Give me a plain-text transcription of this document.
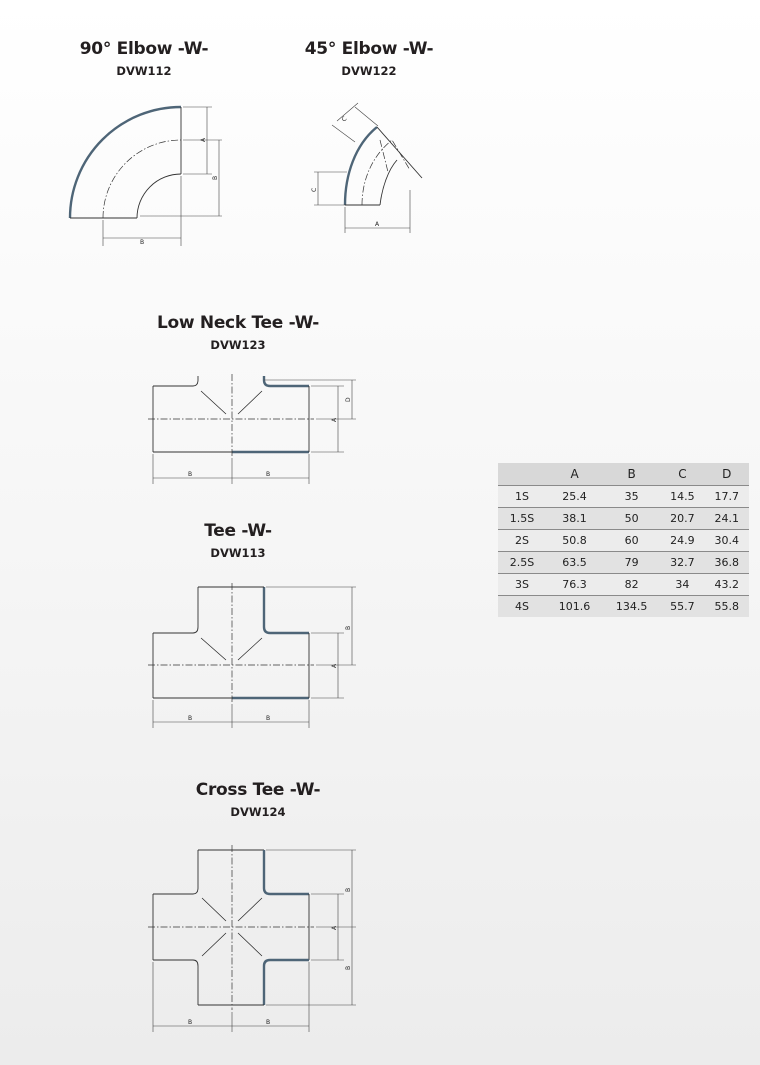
90° Elbow -W-
DVW112
45° Elbow -W-
DVW122
Low Neck Tee -W-
DVW123
Tee -W-
DVW113
Cross Tee -W-
DVW124
A
B
B
A
C
C
A
D
B	B
A
B
B	B
A
B
B
B	B
	A	B	C	D
1S	25.4	35	14.5	17.7
1.5S	38.1	50	20.7	24.1
2S	50.8	60	24.9	30.4
2.5S	63.5	79	32.7	36.8
3S	76.3	82	34	43.2
4S	101.6	134.5	55.7	55.8
